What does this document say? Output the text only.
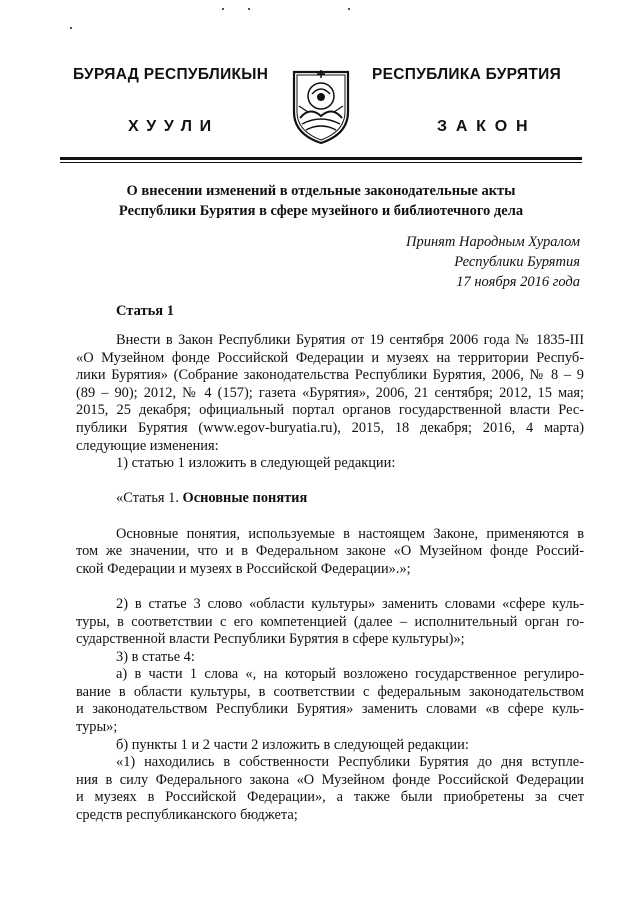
БУРЯАД РЕСПУБЛИКЫН	РЕСПУБЛИКА БУРЯТИЯ
ХУУЛИ	ЗАКОН
О внесении изменений в отдельные законодательные акты
Республики Бурятия в сфере музейного и библиотечного дела
Принят Народным Хуралом
Республики Бурятия
17 ноября 2016 года
Статья 1
Внести в Закон Республики Бурятия от 19 сентября 2006 года № 1835-III
«О Музейном фонде Российской Федерации и музеях на территории Респуб-
лики Бурятия» (Собрание законодательства Республики Бурятия, 2006, № 8 – 9
(89 – 90); 2012, № 4 (157); газета «Бурятия», 2006, 21 сентября; 2012, 15 мая;
2015, 25 декабря; официальный портал органов государственной власти Рес-
публики Бурятия (www.egov-buryatia.ru), 2015, 18 декабря; 2016, 4 марта)
следующие изменения:
1) статью 1 изложить в следующей редакции:
«Статья 1. Основные понятия
Основные понятия, используемые в настоящем Законе, применяются в
том же значении, что и в Федеральном законе «О Музейном фонде Россий-
ской Федерации и музеях в Российской Федерации».»;
2) в статье 3 слово «области культуры» заменить словами «сфере куль-
туры, в соответствии с его компетенцией (далее – исполнительный орган го-
сударственной власти Республики Бурятия в сфере культуры)»;
3) в статье 4:
а) в части 1 слова «, на который возложено государственное регулиро-
вание в области культуры, в соответствии с федеральным законодательством
и законодательством Республики Бурятия» заменить словами «в сфере куль-
туры»;
б) пункты 1 и 2 части 2 изложить в следующей редакции:
«1) находились в собственности Республики Бурятия до дня вступле-
ния в силу Федерального закона «О Музейном фонде Российской Федерации
и музеях в Российской Федерации», а также были приобретены за счет
средств республиканского бюджета;
